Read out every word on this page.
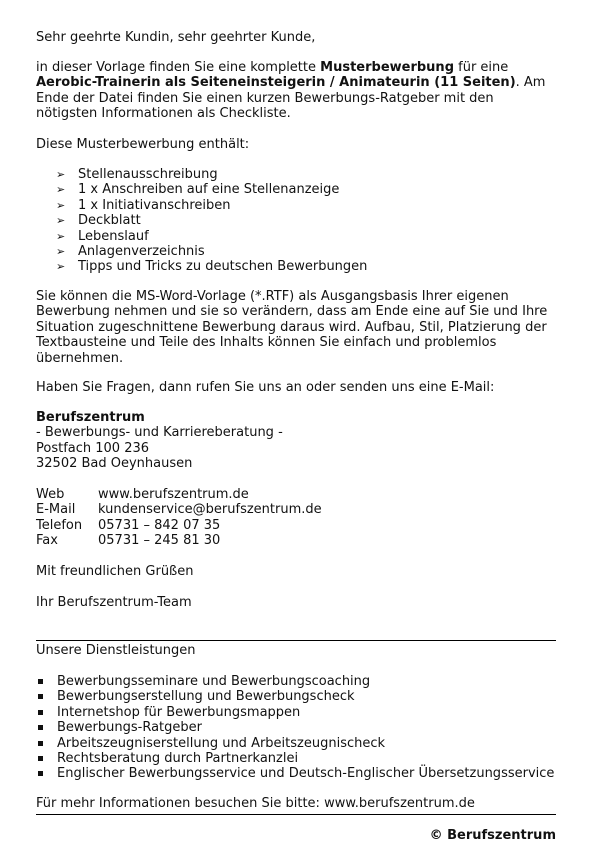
Sehr geehrte Kundin, sehr geehrter Kunde,

in dieser Vorlage finden Sie eine komplette Musterbewerbung für eine Aerobic-Trainerin als Seiteneinsteigerin / Animateurin (11 Seiten). Am Ende der Datei finden Sie einen kurzen Bewerbungs-Ratgeber mit den nötigsten Informationen als Checkliste.

Diese Musterbewerbung enthält:

➢ Stellenausschreibung
➢ 1 x Anschreiben auf eine Stellenanzeige
➢ 1 x Initiativanschreiben
➢ Deckblatt
➢ Lebenslauf
➢ Anlagenverzeichnis
➢ Tipps und Tricks zu deutschen Bewerbungen

Sie können die MS-Word-Vorlage (*.RTF) als Ausgangsbasis Ihrer eigenen Bewerbung nehmen und sie so verändern, dass am Ende eine auf Sie und Ihre Situation zugeschnittene Bewerbung daraus wird. Aufbau, Stil, Platzierung der Textbausteine und Teile des Inhalts können Sie einfach und problemlos übernehmen.

Haben Sie Fragen, dann rufen Sie uns an oder senden uns eine E-Mail:

Berufszentrum

- Bewerbungs- und Karriereberatung -

Postfach 100 236

32502 Bad Oeynhausen

Web	www.berufszentrum.de
E-Mail	kundenservice@berufszentrum.de
Telefon	05731 – 842 07 35
Fax	05731 – 245 81 30

Mit freundlichen Grüßen

Ihr Berufszentrum-Team

Unsere Dienstleistungen

Bewerbungsseminare und Bewerbungscoaching
Bewerbungserstellung und Bewerbungscheck
Internetshop für Bewerbungsmappen
Bewerbungs-Ratgeber
Arbeitszeugniserstellung und Arbeitszeugnischeck
Rechtsberatung durch Partnerkanzlei
Englischer Bewerbungsservice und Deutsch-Englischer Übersetzungsservice

Für mehr Informationen besuchen Sie bitte: www.berufszentrum.de

© Berufszentrum
